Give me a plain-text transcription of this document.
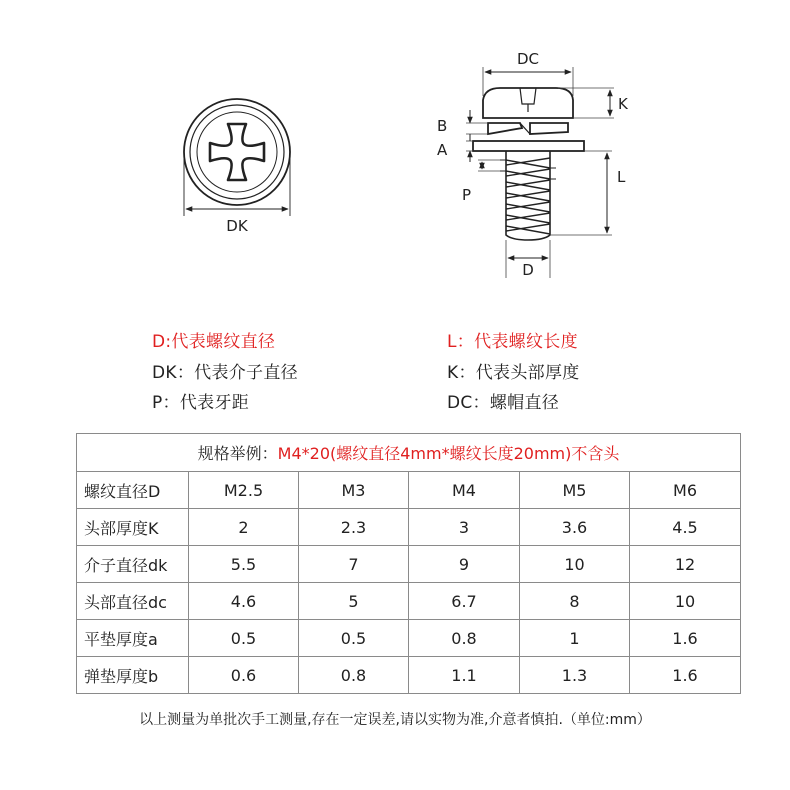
DK
DC
K
B
A
L
P
D
D:代表螺纹直径	L：代表螺纹长度
DK：代表介子直径	K：代表头部厚度
P：代表牙距	DC：螺帽直径
规格举例：M4*20(螺纹直径4mm*螺纹长度20mm)不含头					
螺纹直径D	M2.5	M3	M4	M5	M6
头部厚度K	2	2.3	3	3.6	4.5
介子直径dk	5.5	7	9	10	12
头部直径dc	4.6	5	6.7	8	10
平垫厚度a	0.5	0.5	0.8	1	1.6
弹垫厚度b	0.6	0.8	1.1	1.3	1.6
以上测量为单批次手工测量,存在一定误差,请以实物为准,介意者慎拍.（单位:mm）
